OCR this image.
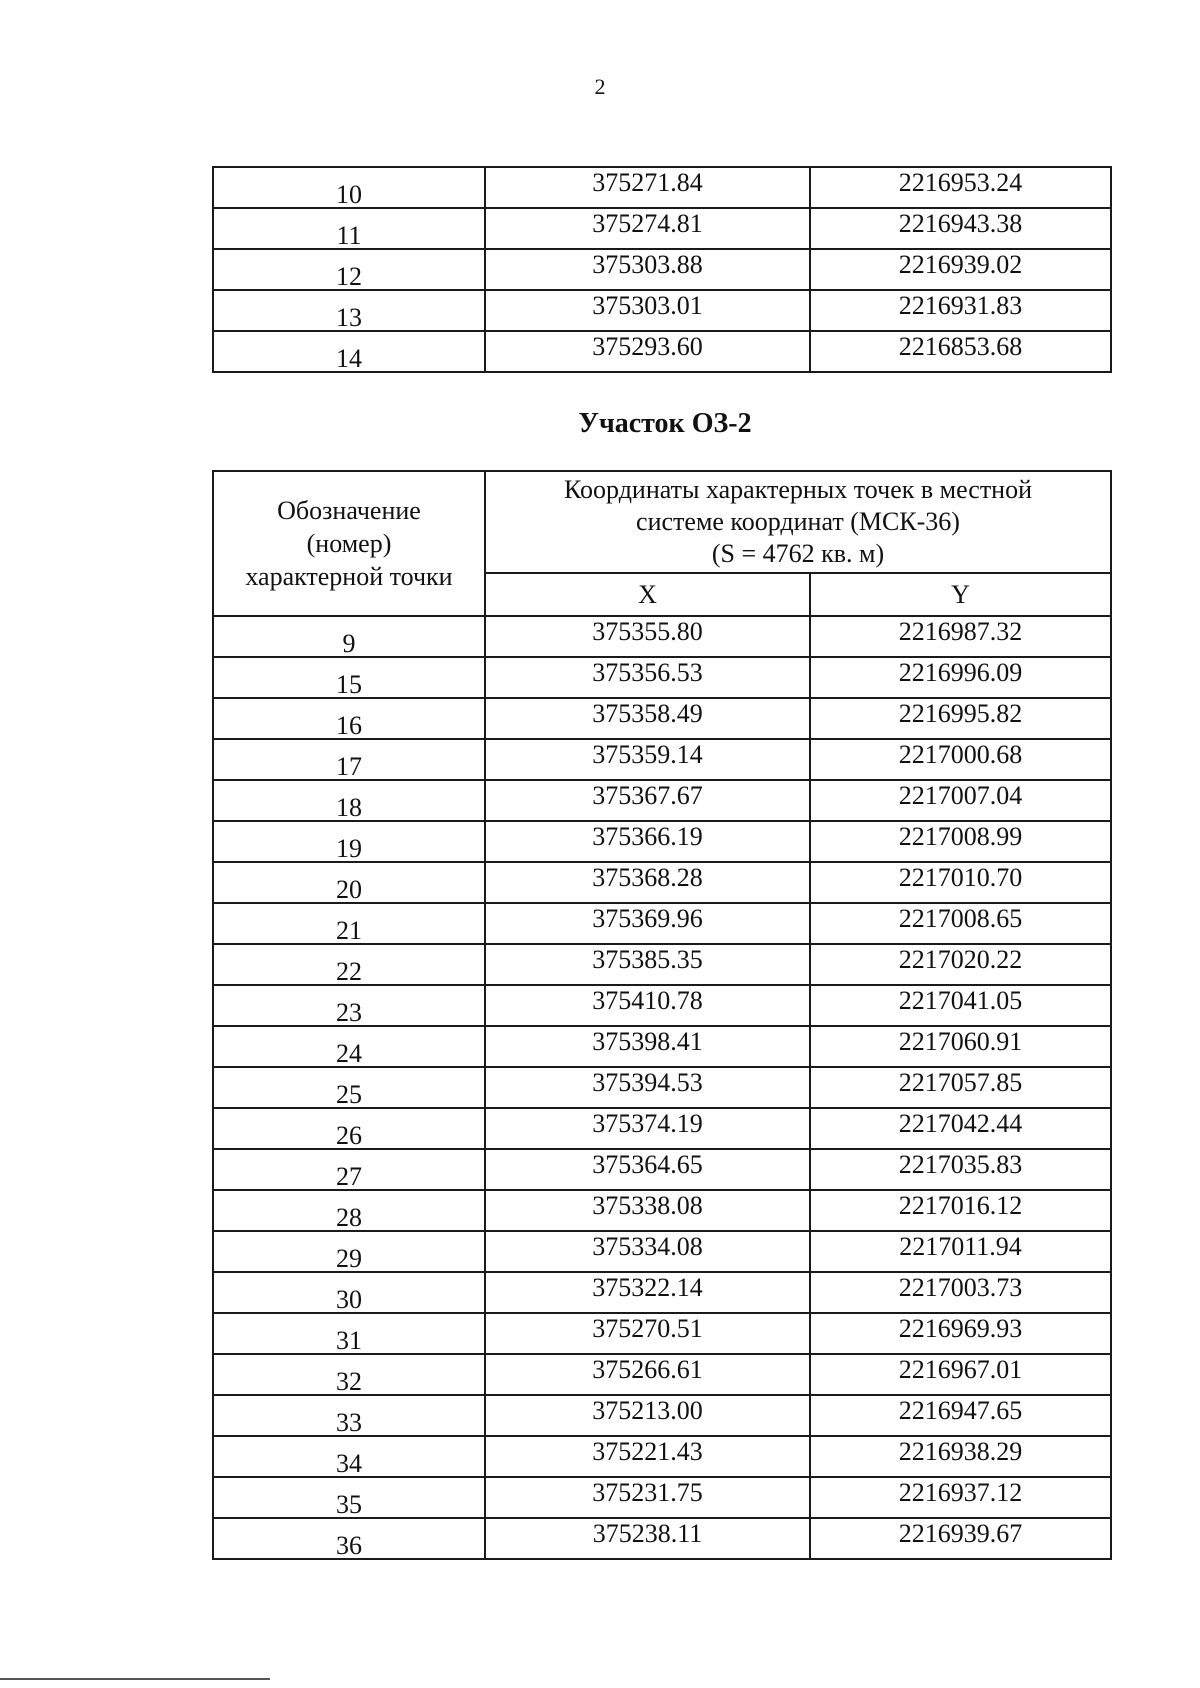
2
10	375271.84	2216953.24
11	375274.81	2216943.38
12	375303.88	2216939.02
13	375303.01	2216931.83
14	375293.60	2216853.68
Участок ОЗ-2
Обозначение
(номер)
характерной точки	Координаты характерных точек в местной
системе координат (МСК-36)
(S = 4762 кв. м)	
	X	Y
9	375355.80	2216987.32
15	375356.53	2216996.09
16	375358.49	2216995.82
17	375359.14	2217000.68
18	375367.67	2217007.04
19	375366.19	2217008.99
20	375368.28	2217010.70
21	375369.96	2217008.65
22	375385.35	2217020.22
23	375410.78	2217041.05
24	375398.41	2217060.91
25	375394.53	2217057.85
26	375374.19	2217042.44
27	375364.65	2217035.83
28	375338.08	2217016.12
29	375334.08	2217011.94
30	375322.14	2217003.73
31	375270.51	2216969.93
32	375266.61	2216967.01
33	375213.00	2216947.65
34	375221.43	2216938.29
35	375231.75	2216937.12
36	375238.11	2216939.67
